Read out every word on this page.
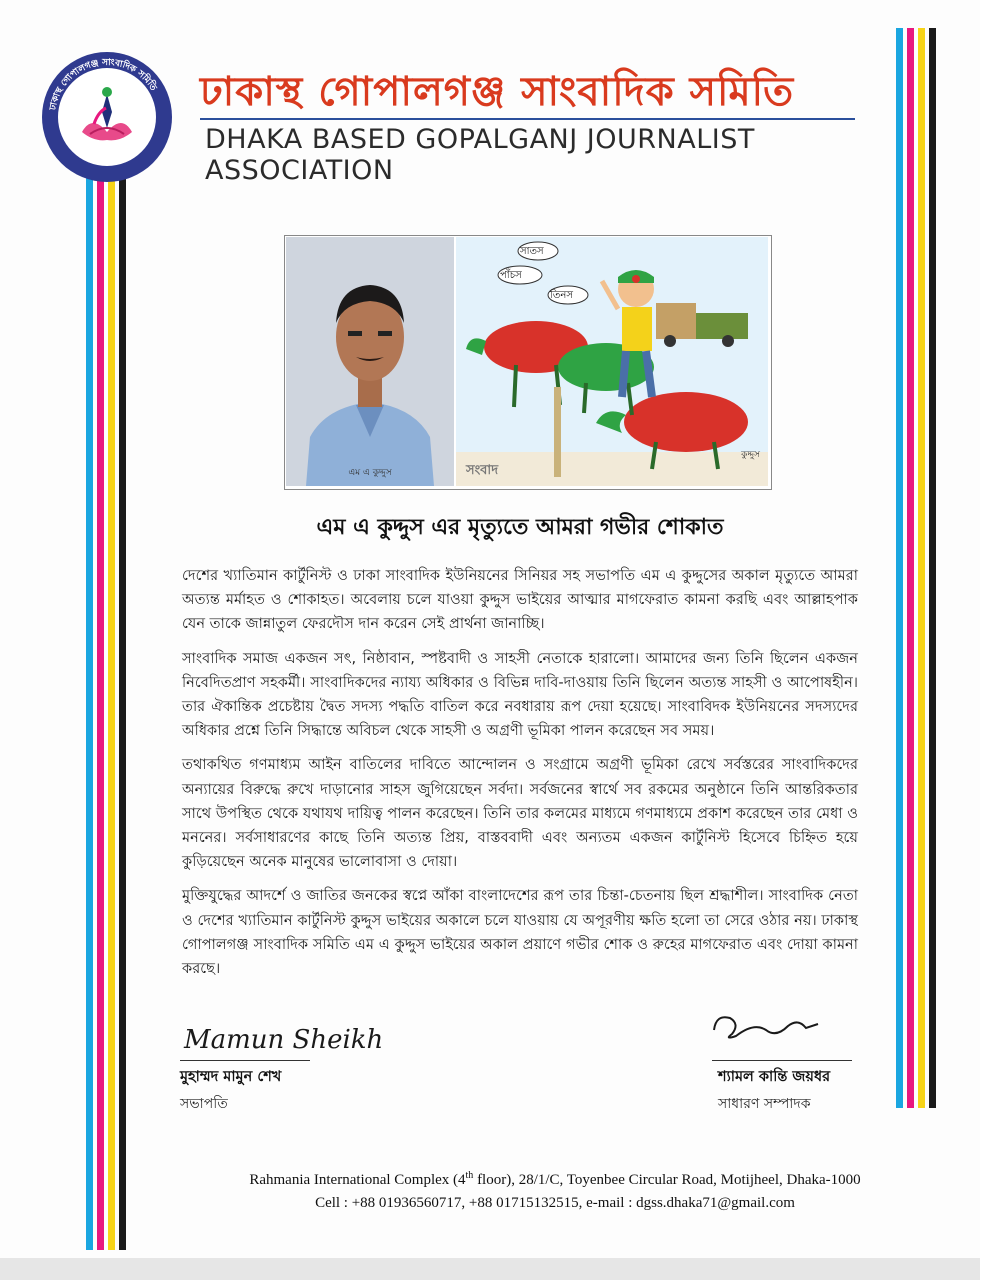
ঢাকাস্থ গোপালগঞ্জ সাংবাদিক সমিতি ঢাকাস্থ গোপালগঞ্জ সাংবাদিক সমিতি
DHAKA BASED GOPALGANJ JOURNALIST ASSOCIATION
এম এ কুদ্দুস
সাতস
পাঁচস
তিনস
কুদ্দুস
সংবাদ
এম এ কুদ্দুস এর মৃত্যুতে আমরা গভীর শোকাত

দেশের খ্যাতিমান কার্টুনিস্ট ও ঢাকা সাংবাদিক ইউনিয়নের সিনিয়র সহ সভাপতি এম এ কুদ্দুসের অকাল মৃত্যুতে আমরা অত্যন্ত মর্মাহত ও শোকাহত। অবেলায় চলে যাওয়া কুদ্দুস ভাইয়ের আত্মার মাগফেরাত কামনা করছি এবং আল্লাহপাক যেন তাকে জান্নাতুল ফেরদৌস দান করেন সেই প্রার্থনা জানাচ্ছি।

সাংবাদিক সমাজ একজন সৎ, নিষ্ঠাবান, স্পষ্টবাদী ও সাহসী নেতাকে হারালো। আমাদের জন্য তিনি ছিলেন একজন নিবেদিতপ্রাণ সহকর্মী। সাংবাদিকদের ন্যায্য অধিকার ও বিভিন্ন দাবি-দাওয়ায় তিনি ছিলেন অত্যন্ত সাহসী ও আপোষহীন। তার ঐকান্তিক প্রচেষ্টায় দ্বৈত সদস্য পদ্ধতি বাতিল করে নবধারায় রূপ দেয়া হয়েছে। সাংবাবিদক ইউনিয়নের সদস্যদের অধিকার প্রশ্নে তিনি সিদ্ধান্তে অবিচল থেকে সাহসী ও অগ্রণী ভূমিকা পালন করেছেন সব সময়।

তথাকথিত গণমাধ্যম আইন বাতিলের দাবিতে আন্দোলন ও সংগ্রামে অগ্রণী ভূমিকা রেখে সর্বস্তরের সাংবাদিকদের অন্যায়ের বিরুদ্ধে রুখে দাড়ানোর সাহস জুগিয়েছেন সর্বদা। সর্বজনের স্বার্থে সব রকমের অনুষ্ঠানে তিনি আন্তরিকতার সাথে উপস্থিত থেকে যথাযথ দায়িত্ব পালন করেছেন। তিনি তার কলমের মাধ্যমে গণমাধ্যমে প্রকাশ করেছেন তার মেধা ও মননের। সর্বসাধারণের কাছে তিনি অত্যন্ত প্রিয়, বাস্তববাদী এবং অন্যতম একজন কার্টুনিস্ট হিসেবে চিহ্নিত হয়ে কুড়িয়েছেন অনেক মানুষের ভালোবাসা ও দোয়া।

মুক্তিযুদ্ধের আদর্শে ও জাতির জনকের স্বপ্নে আঁকা বাংলাদেশের রূপ তার চিন্তা-চেতনায় ছিল শ্রদ্ধাশীল। সাংবাদিক নেতা ও দেশের খ্যাতিমান কার্টুনিস্ট কুদ্দুস ভাইয়ের অকালে চলে যাওয়ায় যে অপূরণীয় ক্ষতি হলো তা সেরে ওঠার নয়। ঢাকাস্থ গোপালগঞ্জ সাংবাদিক সমিতি এম এ কুদ্দুস ভাইয়ের অকাল প্রয়াণে গভীর শোক ও রুহের মাগফেরাত এবং দোয়া কামনা করছে।

Mamun Sheikh
মুহাম্মদ মামুন শেখ
সভাপতি
Shyamal
শ্যামল কান্তি জয়ধর
সাধারণ সম্পাদক
Rahmania International Complex (4th floor), 28/1/C, Toyenbee Circular Road, Motijheel, Dhaka-1000
Cell : +88 01936560717, +88 01715132515, e-mail : dgss.dhaka71@gmail.com
